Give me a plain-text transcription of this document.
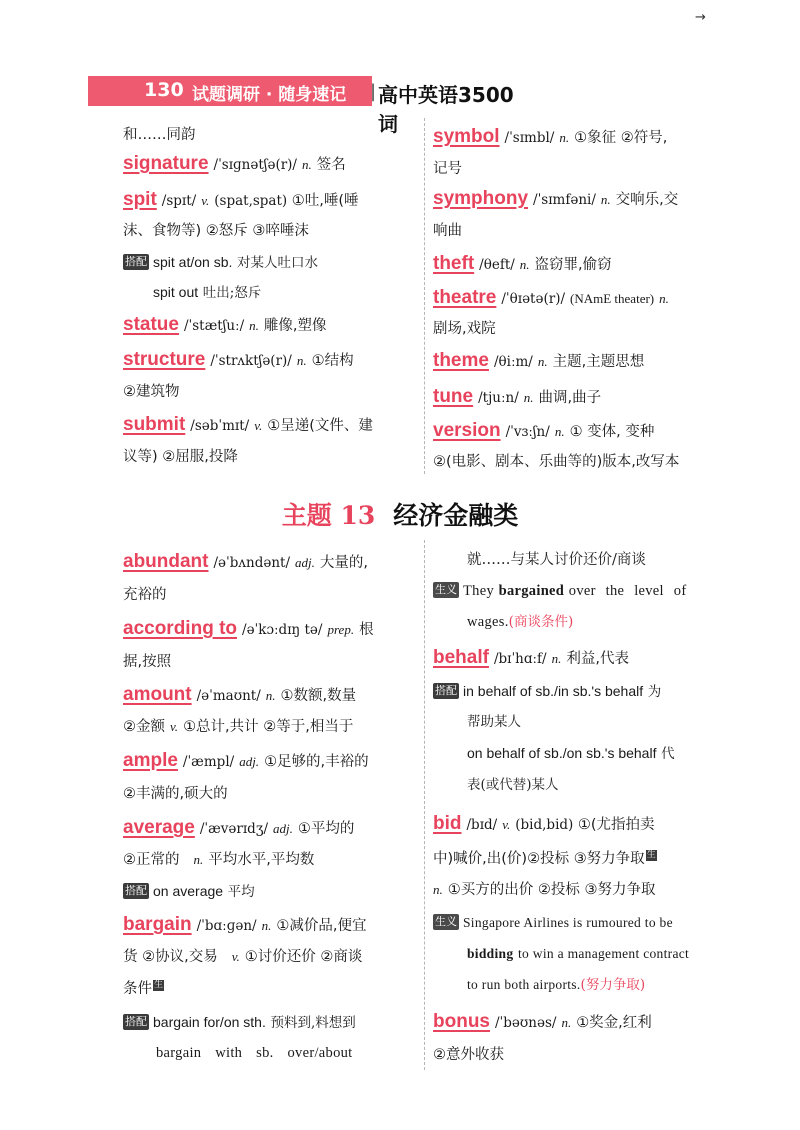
→
130 试题调研 · 随身速记 | 高中英语3500词
和……同韵
signature /ˈsɪɡnətʃə(r)/ n. 签名
spit /spɪt/ v. (spat,spat) ①吐,唾(唾
沫、食物等) ②怒斥 ③啐唾沫
搭配 spit at/on sb. 对某人吐口水
spit out 吐出;怒斥
statue /ˈstætʃuː/ n. 雕像,塑像
structure /ˈstrʌktʃə(r)/ n. ①结构
②建筑物
submit /səbˈmɪt/ v. ①呈递(文件、建
议等) ②屈服,投降
symbol /ˈsɪmbl/ n. ①象征 ②符号,
记号
symphony /ˈsɪmfəni/ n. 交响乐,交
响曲
theft /θeft/ n. 盗窃罪,偷窃
theatre /ˈθɪətə(r)/ (NAmE theater) n.
剧场,戏院
theme /θiːm/ n. 主题,主题思想
tune /tjuːn/ n. 曲调,曲子
version /ˈvɜːʃn/ n. ① 变体, 变种
②(电影、剧本、乐曲等的)版本,改写本
主题 13 经济金融类
abundant /əˈbʌndənt/ adj. 大量的,
充裕的
according to /əˈkɔːdɪŋ tə/ prep. 根
据,按照
amount /əˈmaʊnt/ n. ①数额,数量
②金额 v. ①总计,共计 ②等于,相当于
ample /ˈæmpl/ adj. ①足够的,丰裕的
②丰满的,硕大的
average /ˈævərɪdʒ/ adj. ①平均的
②正常的 n. 平均水平,平均数
搭配 on average 平均
bargain /ˈbɑːɡən/ n. ①减价品,便宜
货 ②协议,交易 v. ①讨价还价 ②商谈
条件 生
搭配 bargain for/on sth. 预料到,料想到
bargain with sb. over/about
就……与某人讨价还价/商谈
生义 They bargained over the level of
wages.(商谈条件)
behalf /bɪˈhɑːf/ n. 利益,代表
搭配 in behalf of sb./in sb.'s behalf 为
帮助某人
on behalf of sb./on sb.'s behalf 代
表(或代替)某人
bid /bɪd/ v. (bid,bid) ①(尤指拍卖
中)喊价,出(价)②投标 ③努力争取 生
n. ①买方的出价 ②投标 ③努力争取
生义 Singapore Airlines is rumoured to be
bidding to win a management contract
to run both airports.(努力争取)
bonus /ˈbəʊnəs/ n. ①奖金,红利
②意外收获
